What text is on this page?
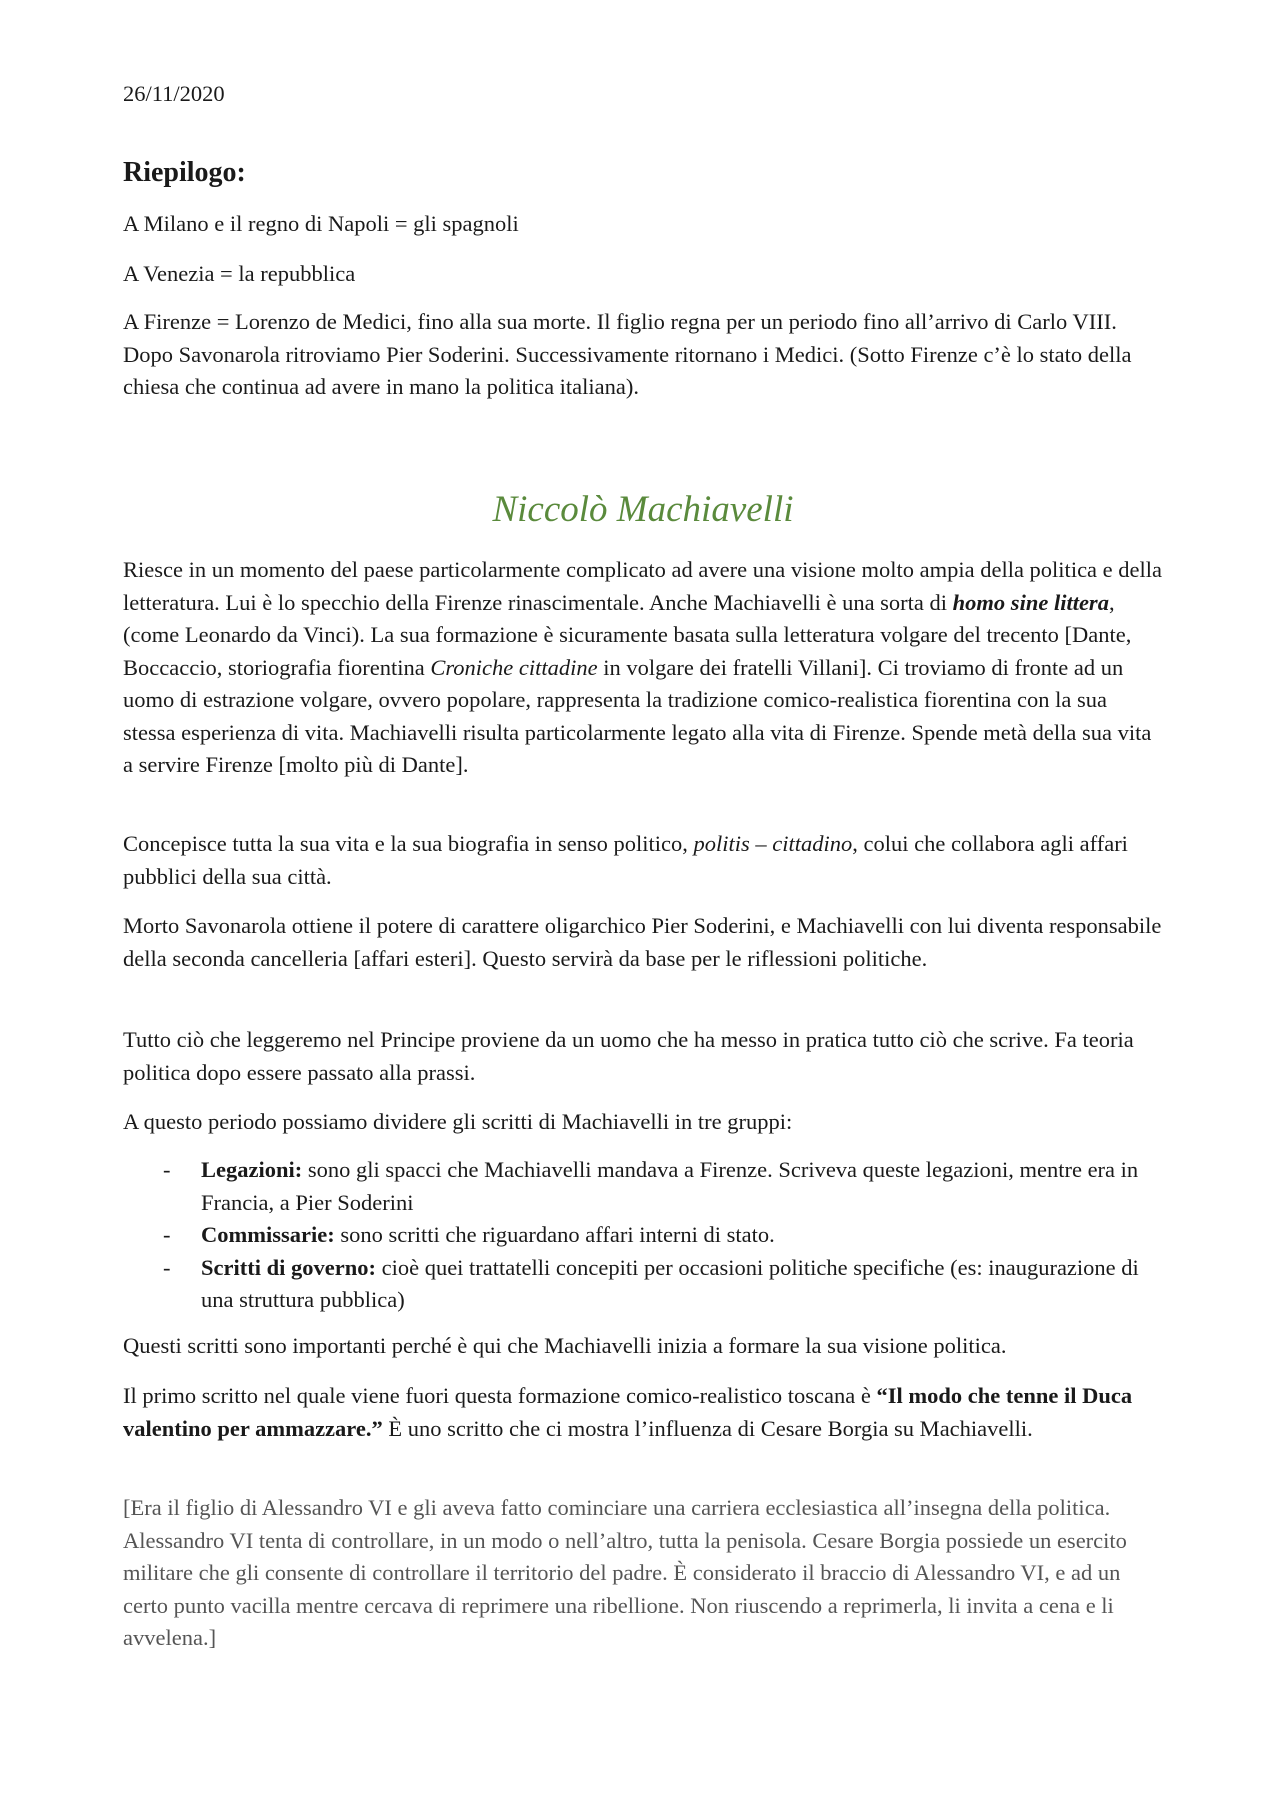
26/11/2020
Riepilogo:

A Milano e il regno di Napoli = gli spagnoli

A Venezia = la repubblica

A Firenze = Lorenzo de Medici, fino alla sua morte. Il figlio regna per un periodo fino all’arrivo di Carlo VIII. Dopo Savonarola ritroviamo Pier Soderini. Successivamente ritornano i Medici. (Sotto Firenze c’è lo stato della chiesa che continua ad avere in mano la politica italiana).

Niccolò Machiavelli

Riesce in un momento del paese particolarmente complicato ad avere una visione molto ampia della politica e della letteratura. Lui è lo specchio della Firenze rinascimentale. Anche Machiavelli è una sorta di homo sine littera, (come Leonardo da Vinci). La sua formazione è sicuramente basata sulla letteratura volgare del trecento [Dante, Boccaccio, storiografia fiorentina Croniche cittadine in volgare dei fratelli Villani]. Ci troviamo di fronte ad un uomo di estrazione volgare, ovvero popolare, rappresenta la tradizione comico-realistica fiorentina con la sua stessa esperienza di vita. Machiavelli risulta particolarmente legato alla vita di Firenze. Spende metà della sua vita a servire Firenze [molto più di Dante].

Concepisce tutta la sua vita e la sua biografia in senso politico, politis – cittadino, colui che collabora agli affari pubblici della sua città.

Morto Savonarola ottiene il potere di carattere oligarchico Pier Soderini, e Machiavelli con lui diventa responsabile della seconda cancelleria [affari esteri]. Questo servirà da base per le riflessioni politiche.

Tutto ciò che leggeremo nel Principe proviene da un uomo che ha messo in pratica tutto ciò che scrive. Fa teoria politica dopo essere passato alla prassi.

A questo periodo possiamo dividere gli scritti di Machiavelli in tre gruppi:

- Legazioni: sono gli spacci che Machiavelli mandava a Firenze. Scriveva queste legazioni, mentre era in Francia, a Pier Soderini
- Commissarie: sono scritti che riguardano affari interni di stato.
- Scritti di governo: cioè quei trattatelli concepiti per occasioni politiche specifiche (es: inaugurazione di una struttura pubblica)

Questi scritti sono importanti perché è qui che Machiavelli inizia a formare la sua visione politica.

Il primo scritto nel quale viene fuori questa formazione comico-realistico toscana è “Il modo che tenne il Duca valentino per ammazzare.” È uno scritto che ci mostra l’influenza di Cesare Borgia su Machiavelli.

[Era il figlio di Alessandro VI e gli aveva fatto cominciare una carriera ecclesiastica all’insegna della politica. Alessandro VI tenta di controllare, in un modo o nell’altro, tutta la penisola. Cesare Borgia possiede un esercito militare che gli consente di controllare il territorio del padre. È considerato il braccio di Alessandro VI, e ad un certo punto vacilla mentre cercava di reprimere una ribellione. Non riuscendo a reprimerla, li invita a cena e li avvelena.]
